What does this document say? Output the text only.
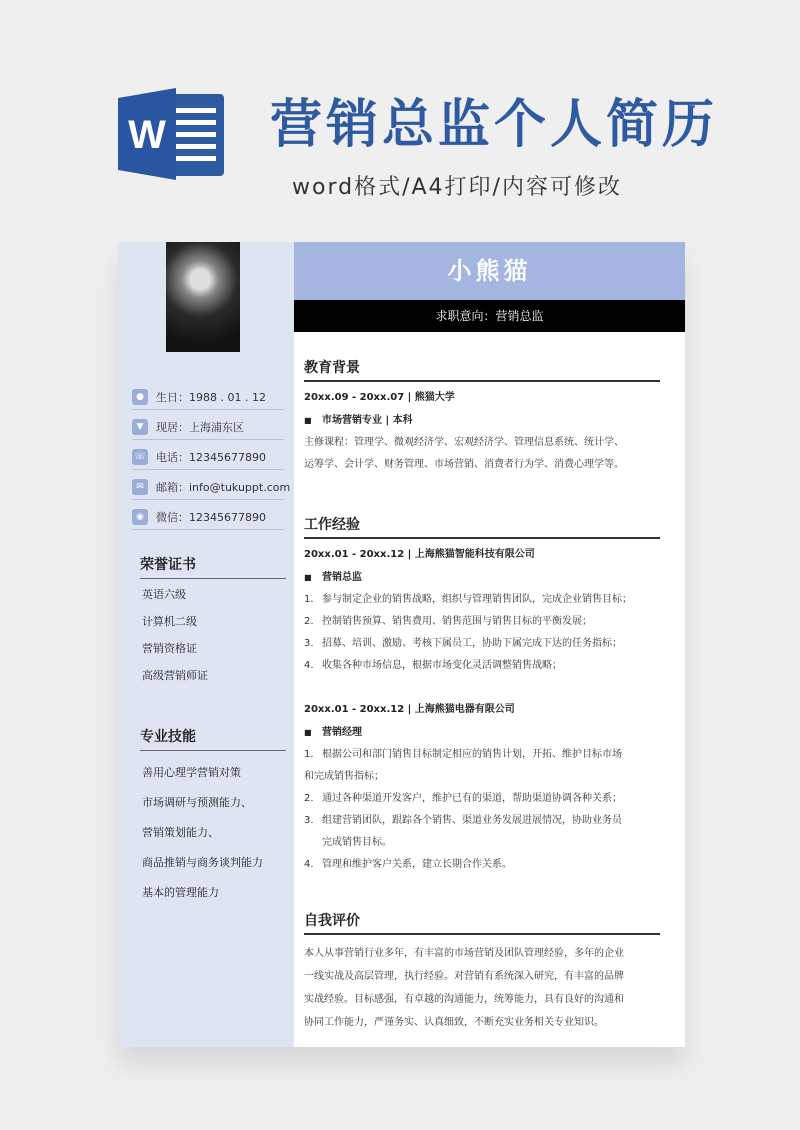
W 营销总监个人简历
word格式/A4打印/内容可修改
●	生日：1988 . 01 . 12
▼	现居：上海浦东区
☏ 电话：12345677890
✉	邮箱：info@tukuppt.com
◉	微信：12345677890
荣誉证书
英语六级
计算机二级
营销资格证
高级营销师证
专业技能
善用心理学营销对策
市场调研与预测能力、
营销策划能力、
商品推销与商务谈判能力
基本的管理能力
小熊猫
求职意向：营销总监
教育背景
20xx.09 - 20xx.07 | 熊猫大学
■ 市场营销专业 | 本科
主修课程：管理学、微观经济学、宏观经济学、管理信息系统、统计学、
运筹学、会计学、财务管理、市场营销、消费者行为学、消费心理学等。
工作经验
20xx.01 - 20xx.12 | 上海熊猫智能科技有限公司
■ 营销总监
1. 参与制定企业的销售战略，组织与管理销售团队，完成企业销售目标；
2. 控制销售预算、销售费用、销售范围与销售目标的平衡发展；
3. 招募、培训、激励、考核下属员工，协助下属完成下达的任务指标；
4. 收集各种市场信息，根据市场变化灵活调整销售战略；
20xx.01 - 20xx.12 | 上海熊猫电器有限公司
■ 营销经理
1. 根据公司和部门销售目标制定相应的销售计划，开拓、维护目标市场
和完成销售指标；
2. 通过各种渠道开发客户，维护已有的渠道，帮助渠道协调各种关系；
3. 组建营销团队，跟踪各个销售、渠道业务发展进展情况，协助业务员
完成销售目标。
4. 管理和维护客户关系，建立长期合作关系。
自我评价
本人从事营销行业多年，有丰富的市场营销及团队管理经验，多年的企业
一线实战及高层管理，执行经验。对营销有系统深入研究，有丰富的品牌
实战经验。目标感强，有卓越的沟通能力，统筹能力，具有良好的沟通和
协同工作能力，严谨务实、认真细致，不断充实业务相关专业知识。
